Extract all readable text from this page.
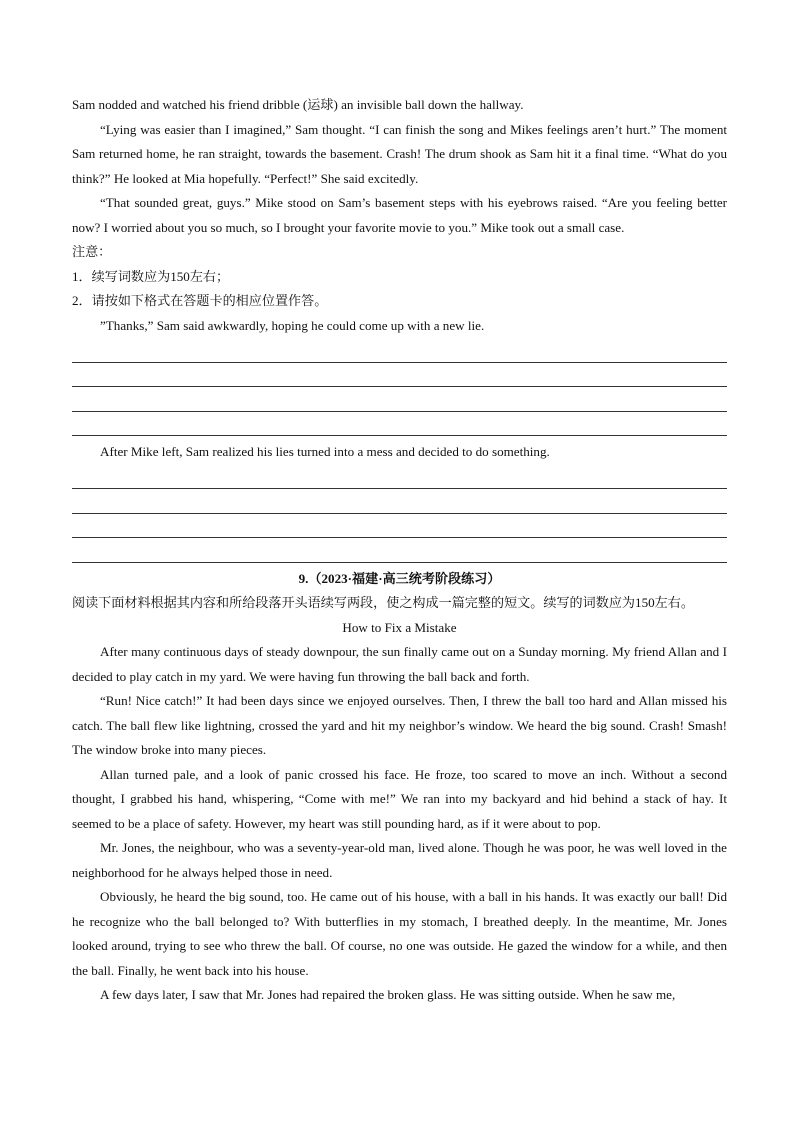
Sam nodded and watched his friend dribble (运球) an invisible ball down the hallway.

“Lying was easier than I imagined,” Sam thought. “I can finish the song and Mikes feelings aren’t hurt.” The moment Sam returned home, he ran straight, towards the basement. Crash! The drum shook as Sam hit it a final time. “What do you think?” He looked at Mia hopefully. “Perfect!” She said excitedly.

“That sounded great, guys.” Mike stood on Sam’s basement steps with his eyebrows raised. “Are you feeling better now? I worried about you so much, so I brought your favorite movie to you.” Mike took out a small case.

注意：

1．续写词数应为150左右；

2．请按如下格式在答题卡的相应位置作答。

”Thanks,” Sam said awkwardly, hoping he could come up with a new lie.

After Mike left, Sam realized his lies turned into a mess and decided to do something.

9.（2023·福建·高三统考阶段练习）

阅读下面材料根据其内容和所给段落开头语续写两段，使之构成一篇完整的短文。续写的词数应为150左右。

How to Fix a Mistake

After many continuous days of steady downpour, the sun finally came out on a Sunday morning. My friend Allan and I decided to play catch in my yard. We were having fun throwing the ball back and forth.

“Run! Nice catch!” It had been days since we enjoyed ourselves. Then, I threw the ball too hard and Allan missed his catch. The ball flew like lightning, crossed the yard and hit my neighbor’s window. We heard the big sound. Crash! Smash! The window broke into many pieces.

Allan turned pale, and a look of panic crossed his face. He froze, too scared to move an inch. Without a second thought, I grabbed his hand, whispering, “Come with me!” We ran into my backyard and hid behind a stack of hay. It seemed to be a place of safety. However, my heart was still pounding hard, as if it were about to pop.

Mr. Jones, the neighbour, who was a seventy-year-old man, lived alone. Though he was poor, he was well loved in the neighborhood for he always helped those in need.

Obviously, he heard the big sound, too. He came out of his house, with a ball in his hands. It was exactly our ball! Did he recognize who the ball belonged to? With butterflies in my stomach, I breathed deeply. In the meantime, Mr. Jones looked around, trying to see who threw the ball. Of course, no one was outside. He gazed the window for a while, and then the ball. Finally, he went back into his house.

A few days later, I saw that Mr. Jones had repaired the broken glass. He was sitting outside. When he saw me,
